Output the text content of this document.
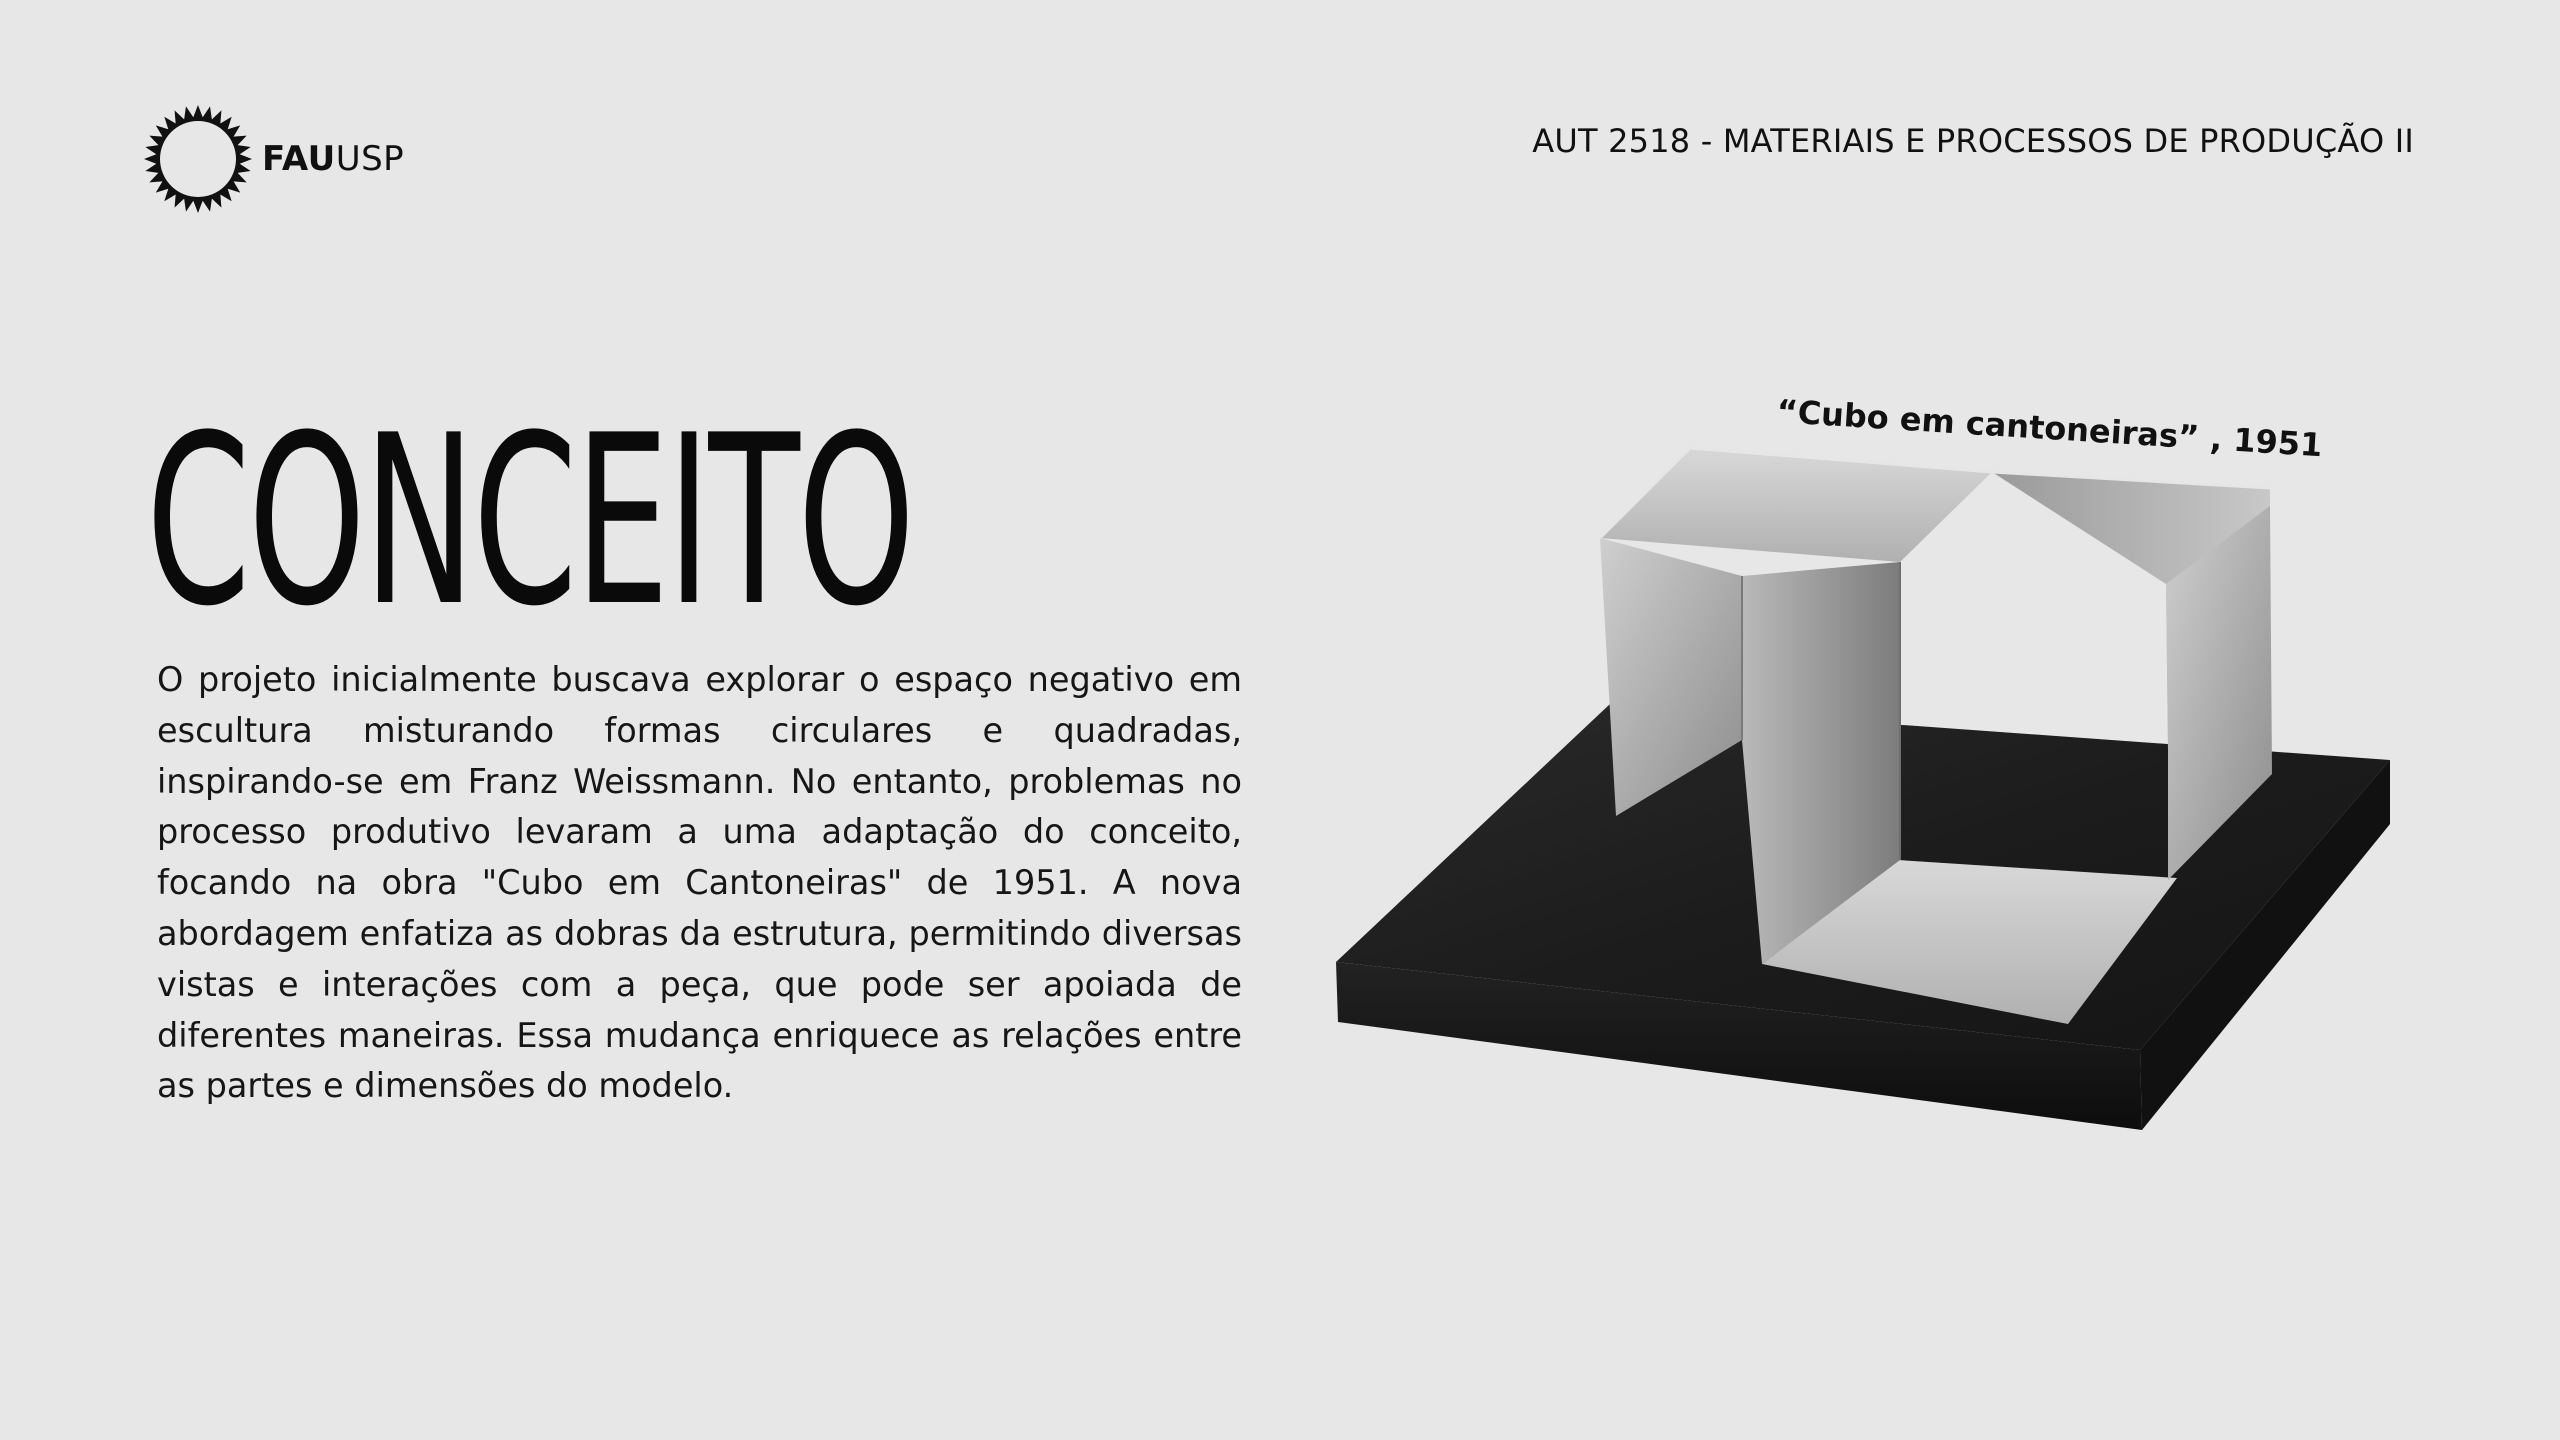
FAUUSP	AUT 2518 - MATERIAIS E PROCESSOS DE PRODUÇÃO II
CONCEITO

O projeto inicialmente buscava explorar o espaço negativo em escultura misturando formas circulares e quadradas, inspirando-se em Franz Weissmann. No entanto, problemas no processo produtivo levaram a uma adaptação do conceito, focando na obra "Cubo em Cantoneiras" de 1951. A nova abordagem enfatiza as dobras da estrutura, permitindo diversas vistas e interações com a peça, que pode ser apoiada de diferentes maneiras. Essa mudança enriquece as relações entre as partes e dimensões do modelo.

“Cubo em cantoneiras” , 1951
